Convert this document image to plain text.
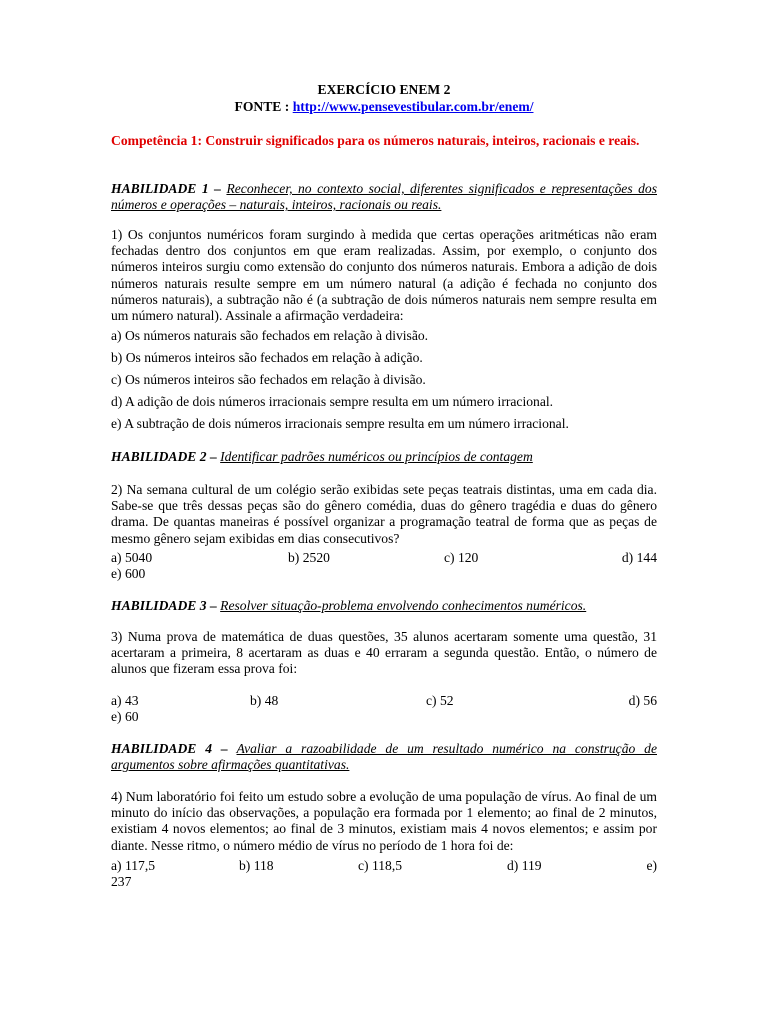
EXERCÍCIO ENEM 2

FONTE : http://www.pensevestibular.com.br/enem/

Competência 1: Construir significados para os números naturais, inteiros, racionais e reais.

HABILIDADE 1 – Reconhecer, no contexto social, diferentes significados e representações dos números e operações – naturais, inteiros, racionais ou reais.

1) Os conjuntos numéricos foram surgindo à medida que certas operações aritméticas não eram fechadas dentro dos conjuntos em que eram realizadas. Assim, por exemplo, o conjunto dos números inteiros surgiu como extensão do conjunto dos números naturais. Embora a adição de dois números naturais resulte sempre em um número natural (a adição é fechada no conjunto dos números naturais), a subtração não é (a subtração de dois números naturais nem sempre resulta em um número natural). Assinale a afirmação verdadeira:

a) Os números naturais são fechados em relação à divisão.

b) Os números inteiros são fechados em relação à adição.

c) Os números inteiros são fechados em relação à divisão.

d) A adição de dois números irracionais sempre resulta em um número irracional.

e) A subtração de dois números irracionais sempre resulta em um número irracional.

HABILIDADE 2 – Identificar padrões numéricos ou princípios de contagem

2) Na semana cultural de um colégio serão exibidas sete peças teatrais distintas, uma em cada dia. Sabe-se que três dessas peças são do gênero comédia, duas do gênero tragédia e duas do gênero drama. De quantas maneiras é possível organizar a programação teatral de forma que as peças de mesmo gênero sejam exibidas em dias consecutivos?

a) 5040	b) 2520	c) 120	d) 144

e) 600

HABILIDADE 3 – Resolver situação-problema envolvendo conhecimentos numéricos.

3) Numa prova de matemática de duas questões, 35 alunos acertaram somente uma questão, 31 acertaram a primeira, 8 acertaram as duas e 40 erraram a segunda questão. Então, o número de alunos que fizeram essa prova foi:

a) 43	b) 48	c) 52	d) 56

e) 60

HABILIDADE 4 – Avaliar a razoabilidade de um resultado numérico na construção de argumentos sobre afirmações quantitativas.

4) Num laboratório foi feito um estudo sobre a evolução de uma população de vírus. Ao final de um minuto do início das observações, a população era formada por 1 elemento; ao final de 2 minutos, existiam 4 novos elementos; ao final de 3 minutos, existiam mais 4 novos elementos; e assim por diante. Nesse ritmo, o número médio de vírus no período de 1 hora foi de:

a) 117,5	b) 118	c) 118,5	d) 119	e)

237
